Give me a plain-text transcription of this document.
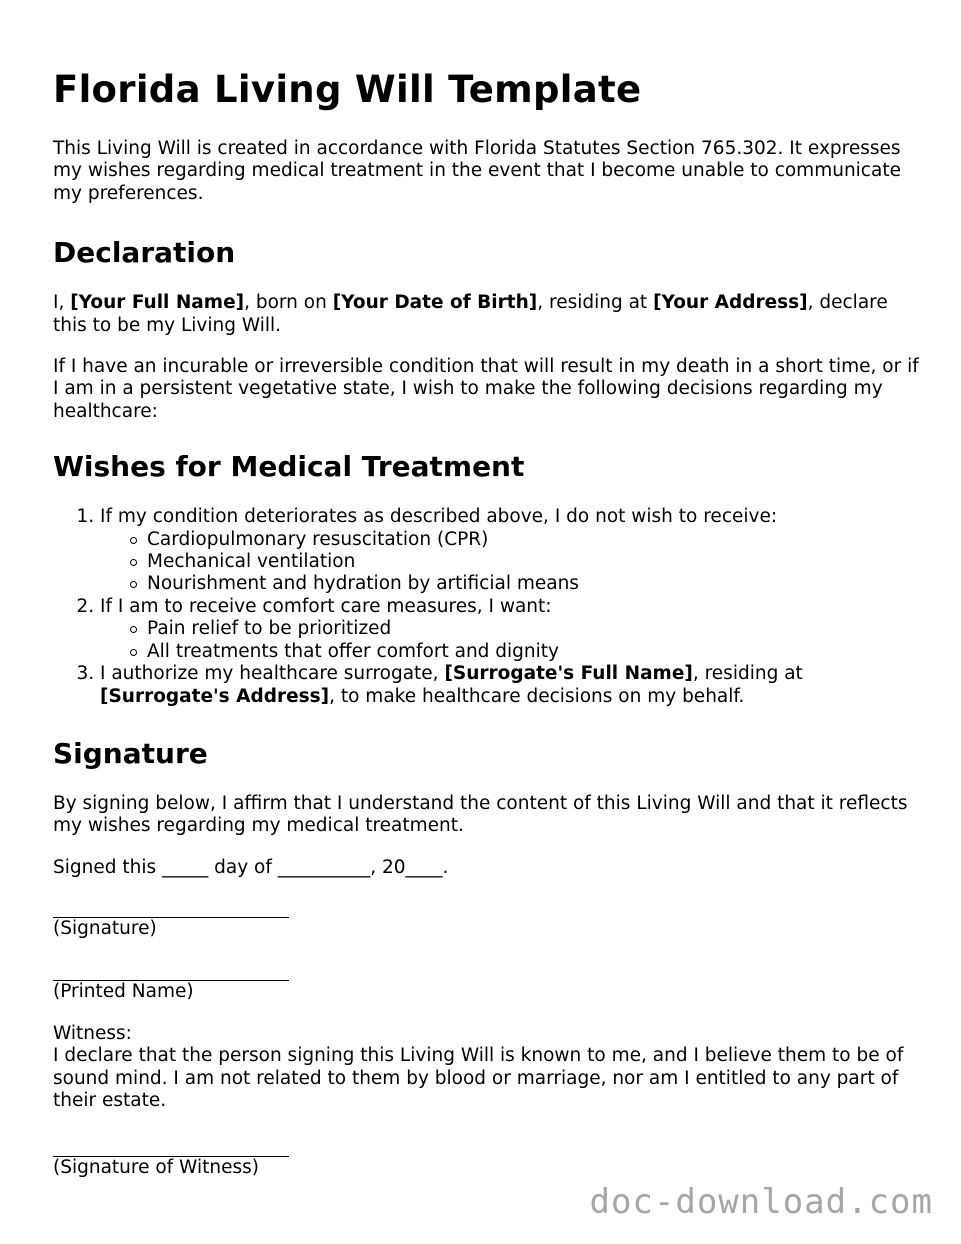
Florida Living Will Template

This Living Will is created in accordance with Florida Statutes Section 765.302. It expresses my wishes regarding medical treatment in the event that I become unable to communicate my preferences.

Declaration

I, [Your Full Name], born on [Your Date of Birth], residing at [Your Address], declare this to be my Living Will.

If I have an incurable or irreversible condition that will result in my death in a short time, or if I am in a persistent vegetative state, I wish to make the following decisions regarding my healthcare:

Wishes for Medical Treatment
1. If my condition deteriorates as described above, I do not wish to receive:
Cardiopulmonary resuscitation (CPR)
Mechanical ventilation
Nourishment and hydration by artificial means
2. If I am to receive comfort care measures, I want:
Pain relief to be prioritized
All treatments that offer comfort and dignity
3. I authorize my healthcare surrogate, [Surrogate's Full Name], residing at [Surrogate's Address], to make healthcare decisions on my behalf.
Signature

By signing below, I affirm that I understand the content of this Living Will and that it reflects my wishes regarding my medical treatment.

Signed this _____ day of __________, 20____.

(Signature)
(Printed Name)
Witness:
I declare that the person signing this Living Will is known to me, and I believe them to be of sound mind. I am not related to them by blood or marriage, nor am I entitled to any part of their estate.
(Signature of Witness)
doc-download.com
